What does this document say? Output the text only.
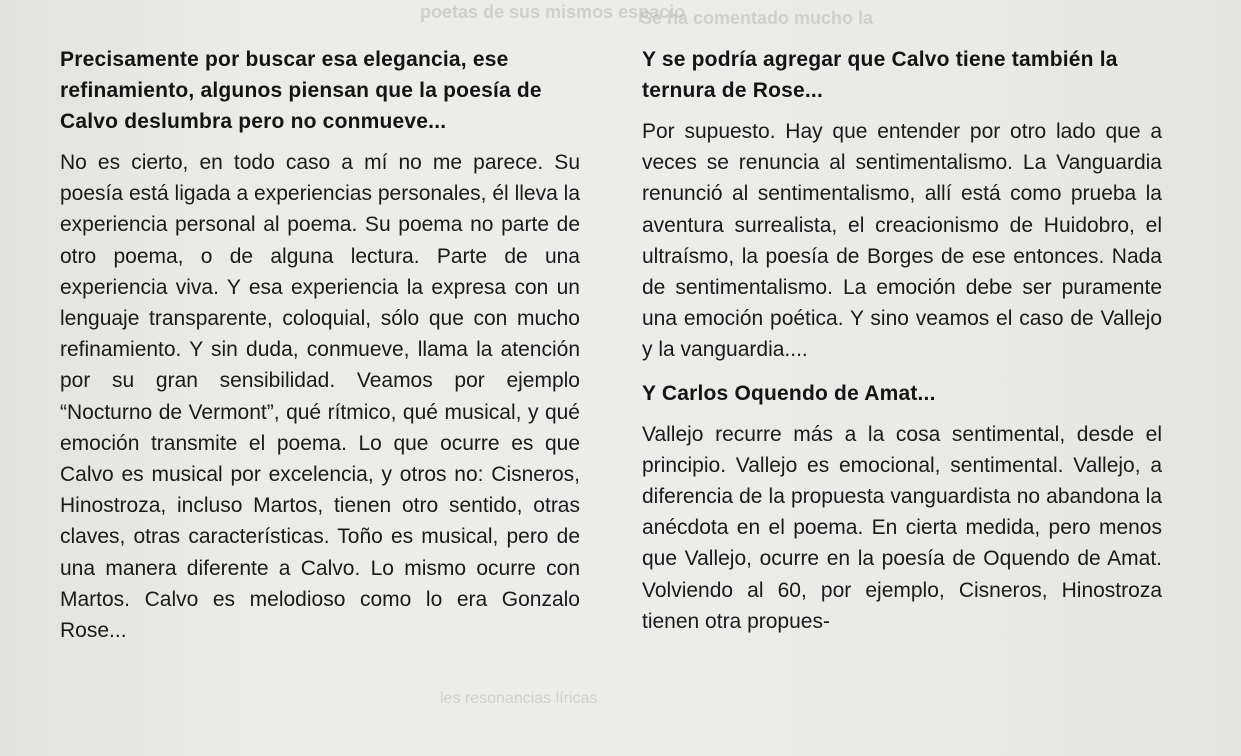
poetas de sus mismos espacio
Se ha comentado mucho la
les resonancias líricas

Precisamente por buscar esa elegancia, ese refinamiento, algunos piensan que la poesía de Calvo deslumbra pero no conmueve...

No es cierto, en todo caso a mí no me parece. Su poesía está ligada a experiencias personales, él lleva la experiencia personal al poema. Su poema no parte de otro poema, o de alguna lectura. Parte de una experiencia viva. Y esa experiencia la expresa con un lenguaje transparente, coloquial, sólo que con mucho refinamiento. Y sin duda, conmueve, llama la atención por su gran sensibilidad. Veamos por ejemplo “Nocturno de Vermont”, qué rítmico, qué musical, y qué emoción transmite el poema. Lo que ocurre es que Calvo es musical por excelencia, y otros no: Cisneros, Hinostroza, incluso Martos, tienen otro sentido, otras claves, otras características. Toño es musical, pero de una manera diferente a Calvo. Lo mismo ocurre con Martos. Calvo es melodioso como lo era Gonzalo Rose...

Y se podría agregar que Calvo tiene también la ternura de Rose...

Por supuesto. Hay que entender por otro lado que a veces se renuncia al sentimentalismo. La Vanguardia renunció al sentimentalismo, allí está como prueba la aventura surrealista, el creacionismo de Huidobro, el ultraísmo, la poesía de Borges de ese entonces. Nada de sentimentalismo. La emoción debe ser puramente una emoción poética. Y sino veamos el caso de Vallejo y la vanguardia....

Y Carlos Oquendo de Amat...

Vallejo recurre más a la cosa sentimental, desde el principio. Vallejo es emocional, sentimental. Vallejo, a diferencia de la propuesta vanguardista no abandona la anécdota en el poema. En cierta medida, pero menos que Vallejo, ocurre en la poesía de Oquendo de Amat. Volviendo al 60, por ejemplo, Cisneros, Hinostroza tienen otra propues-
